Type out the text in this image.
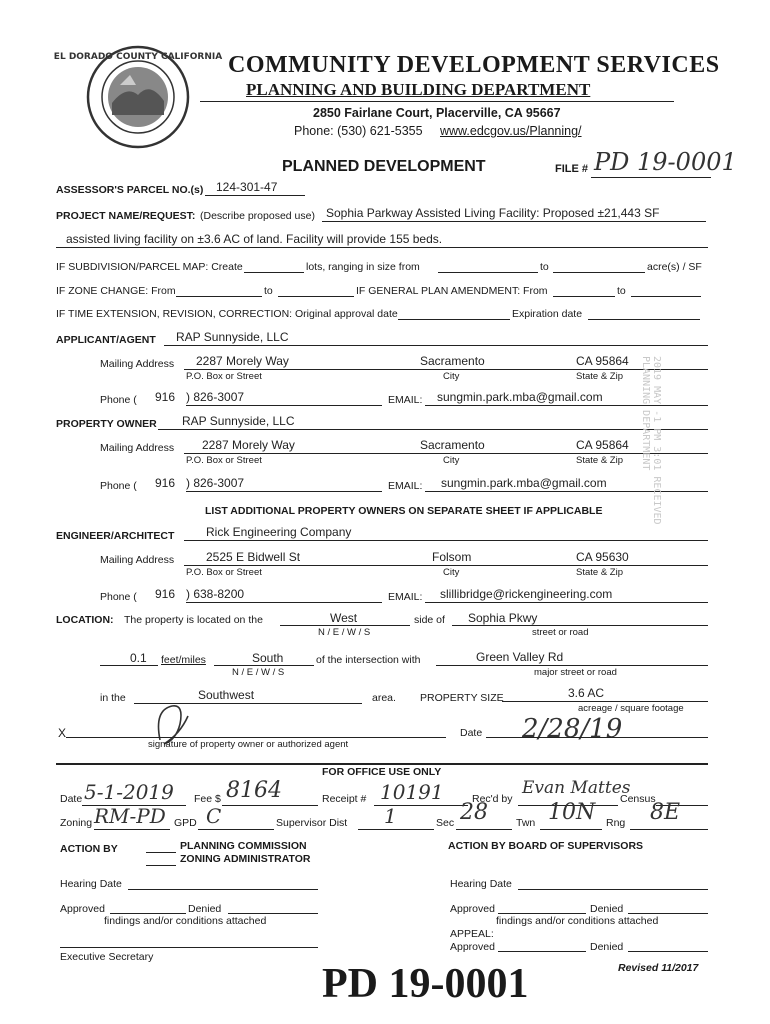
EL DORADO COUNTY CALIFORNIA COMMUNITY DEVELOPMENT SERVICES
PLANNING AND BUILDING DEPARTMENT
2850 Fairlane Court, Placerville, CA 95667
Phone: (530) 621-5355 www.edcgov.us/Planning/
PLANNED DEVELOPMENT	FILE # PD 19-0001
ASSESSOR'S PARCEL NO.(s) 124-301-47
PROJECT NAME/REQUEST: (Describe proposed use) Sophia Parkway Assisted Living Facility: Proposed ±21,443 SF
assisted living facility on ±3.6 AC of land. Facility will provide 155 beds.
IF SUBDIVISION/PARCEL MAP: Create	lots, ranging in size from	to	acre(s) / SF
IF ZONE CHANGE: From	to	IF GENERAL PLAN AMENDMENT: From	to
IF TIME EXTENSION, REVISION, CORRECTION: Original approval date	Expiration date
APPLICANT/AGENT RAP Sunnyside, LLC
Mailing Address 2287 Morely Way	Sacramento	CA 95864
P.O. Box or Street	City	State & Zip
Phone ( 916 ) 826-3007	EMAIL: sungmin.park.mba@gmail.com
PROPERTY OWNER RAP Sunnyside, LLC
Mailing Address 2287 Morely Way	Sacramento	CA 95864
P.O. Box or Street	City	State & Zip
Phone ( 916 ) 826-3007	EMAIL: sungmin.park.mba@gmail.com
LIST ADDITIONAL PROPERTY OWNERS ON SEPARATE SHEET IF APPLICABLE
ENGINEER/ARCHITECT	Rick Engineering Company
Mailing Address	2525 E Bidwell St	Folsom	CA 95630
P.O. Box or Street	City	State & Zip
Phone ( 916 ) 638-8200	EMAIL: slillibridge@rickengineering.com
LOCATION: The property is located on the	West
N / E / W / S
side of Sophia Pkwy
street or road
0.1 feet/miles	South
N / E / W / S
of the intersection with	Green Valley Rd
major street or road
in the	Southwest	area. PROPERTY SIZE	3.6 AC
acreage / square footage
X
signature of property owner or authorized agent
Date 2/28/19
FOR OFFICE USE ONLY
Date 5-1-2019 Fee $ 8164	Receipt # 10191	Rec'd by
Evan Mattes
Census
Zoning RM-PD GPD C	Supervisor Dist 1	Sec 28	Twn 10N Rng 8E
ACTION BY	PLANNING COMMISSION
ZONING ADMINISTRATOR
ACTION BY BOARD OF SUPERVISORS
Hearing Date	Hearing Date
Approved	Denied
findings and/or conditions attached
Approved	Denied
findings and/or conditions attached
APPEAL:
Approved	Denied
Executive Secretary
Revised 11/2017
PD 19-0001
2019 MAY -1 PM 3:01 RECEIVED PLANNING DEPARTMENT
